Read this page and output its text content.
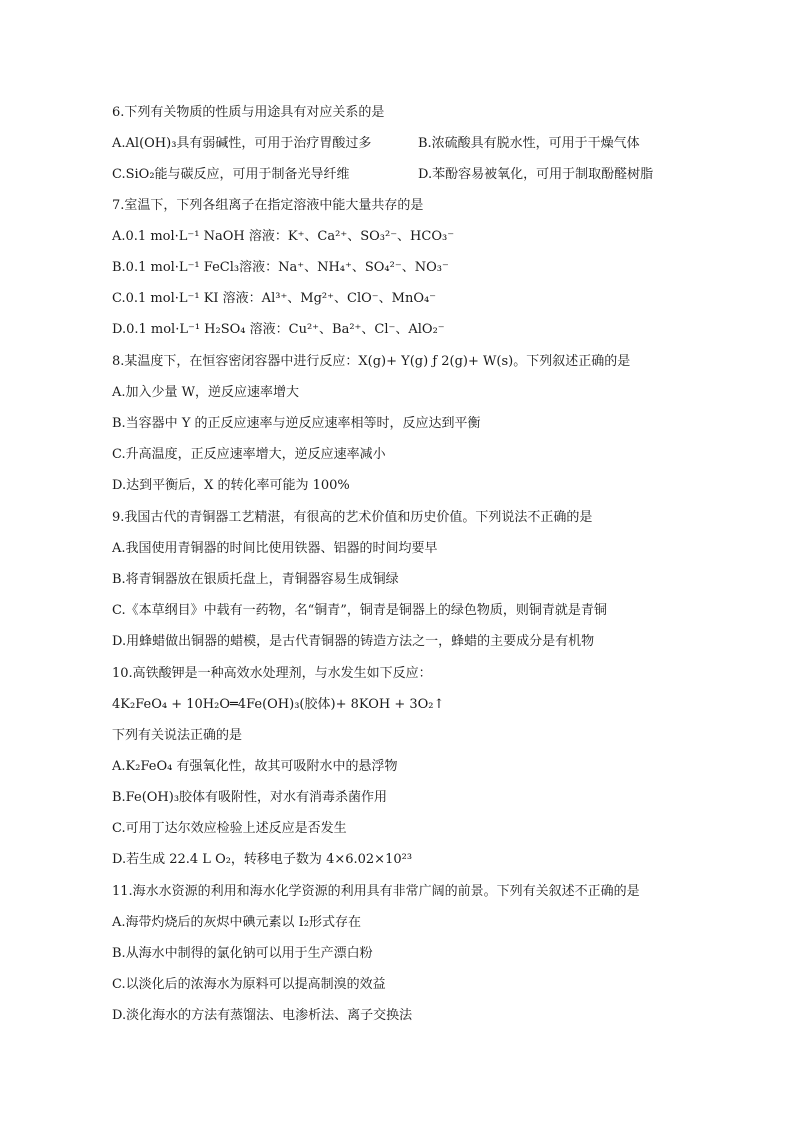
6.下列有关物质的性质与用途具有对应关系的是
A.Al(OH)₃具有弱碱性，可用于治疗胃酸过多	B.浓硫酸具有脱水性，可用于干燥气体
C.SiO₂能与碳反应，可用于制备光导纤维	D.苯酚容易被氧化，可用于制取酚醛树脂
7.室温下，下列各组离子在指定溶液中能大量共存的是
A.0.1 mol·L⁻¹ NaOH 溶液：K⁺、Ca²⁺、SO₃²⁻、HCO₃⁻
B.0.1 mol·L⁻¹ FeCl₃溶液：Na⁺、NH₄⁺、SO₄²⁻、NO₃⁻
C.0.1 mol·L⁻¹ KI 溶液：Al³⁺、Mg²⁺、ClO⁻、MnO₄⁻
D.0.1 mol·L⁻¹ H₂SO₄ 溶液：Cu²⁺、Ba²⁺、Cl⁻、AlO₂⁻
8.某温度下，在恒容密闭容器中进行反应：X(g)+ Y(g) ƒ 2(g)+ W(s)。下列叙述正确的是
A.加入少量 W，逆反应速率增大
B.当容器中 Y 的正反应速率与逆反应速率相等时，反应达到平衡
C.升高温度，正反应速率增大，逆反应速率减小
D.达到平衡后，X 的转化率可能为 100%
9.我国古代的青铜器工艺精湛，有很高的艺术价值和历史价值。下列说法不正确的是
A.我国使用青铜器的时间比使用铁器、铝器的时间均要早
B.将青铜器放在银质托盘上，青铜器容易生成铜绿
C.《本草纲目》中载有一药物，名“铜青”，铜青是铜器上的绿色物质，则铜青就是青铜
D.用蜂蜡做出铜器的蜡模，是古代青铜器的铸造方法之一，蜂蜡的主要成分是有机物
10.高铁酸钾是一种高效水处理剂，与水发生如下反应：
4K₂FeO₄ + 10H₂O═4Fe(OH)₃(胶体)+ 8KOH + 3O₂↑
下列有关说法正确的是
A.K₂FeO₄ 有强氧化性，故其可吸附水中的悬浮物
B.Fe(OH)₃胶体有吸附性，对水有消毒杀菌作用
C.可用丁达尔效应检验上述反应是否发生
D.若生成 22.4 L O₂，转移电子数为 4×6.02×10²³
11.海水水资源的利用和海水化学资源的利用具有非常广阔的前景。下列有关叙述不正确的是
A.海带灼烧后的灰烬中碘元素以 I₂形式存在
B.从海水中制得的氯化钠可以用于生产漂白粉
C.以淡化后的浓海水为原料可以提高制溴的效益
D.淡化海水的方法有蒸馏法、电渗析法、离子交换法
